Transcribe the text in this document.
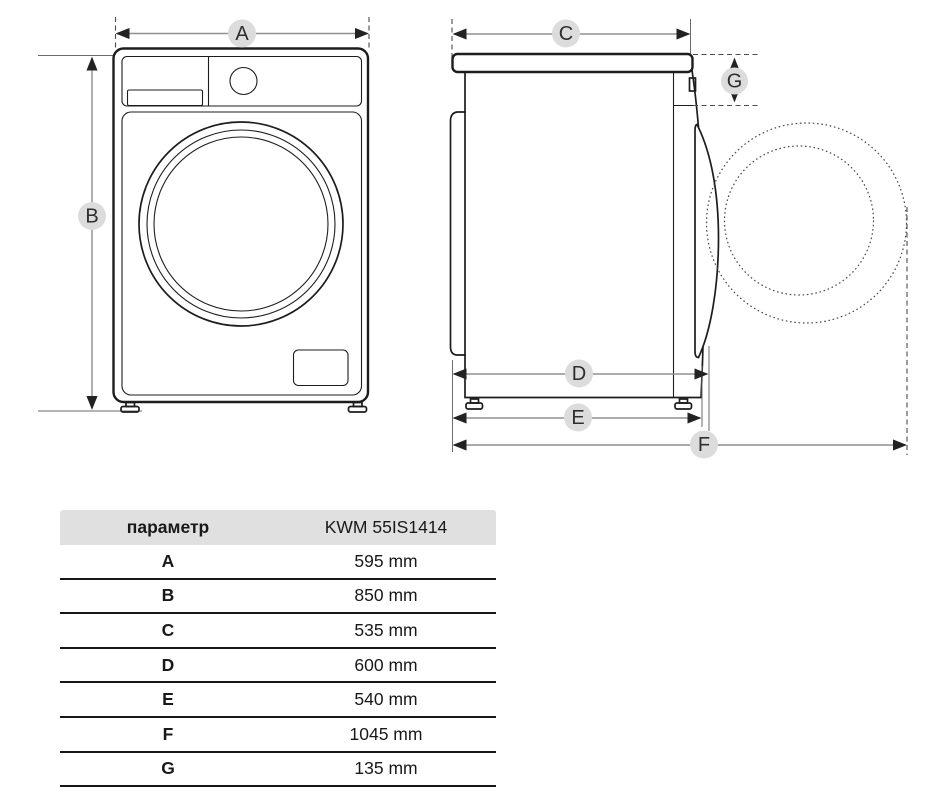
A
B
C
G
D
E
F
параметр	KWM 55IS1414
A	595 mm
B	850 mm
C	535 mm
D	600 mm
E	540 mm
F	1045 mm
G	135 mm
